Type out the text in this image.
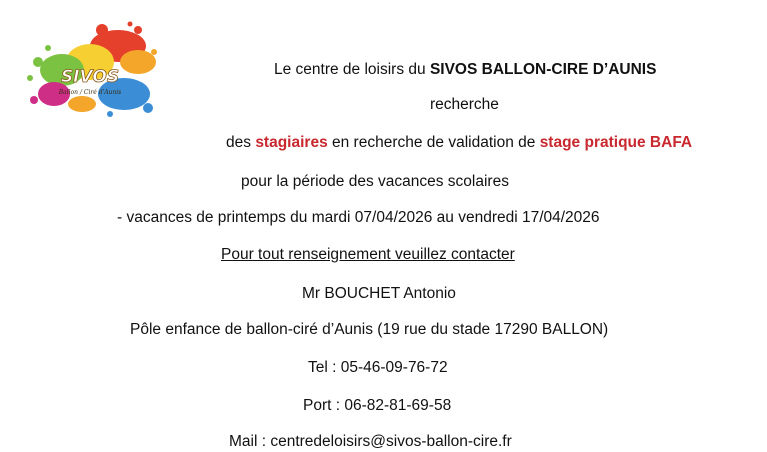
SIVOS
Ballon / Ciré d'Aunis
Le centre de loisirs du SIVOS BALLON-CIRE D’AUNIS
recherche
des stagiaires en recherche de validation de stage pratique BAFA
pour la période des vacances scolaires
- vacances de printemps du mardi 07/04/2026 au vendredi 17/04/2026
Pour tout renseignement veuillez contacter
Mr BOUCHET Antonio
Pôle enfance de ballon-ciré d’Aunis (19 rue du stade 17290 BALLON)
Tel : 05-46-09-76-72
Port : 06-82-81-69-58
Mail : centredeloisirs@sivos-ballon-cire.fr
